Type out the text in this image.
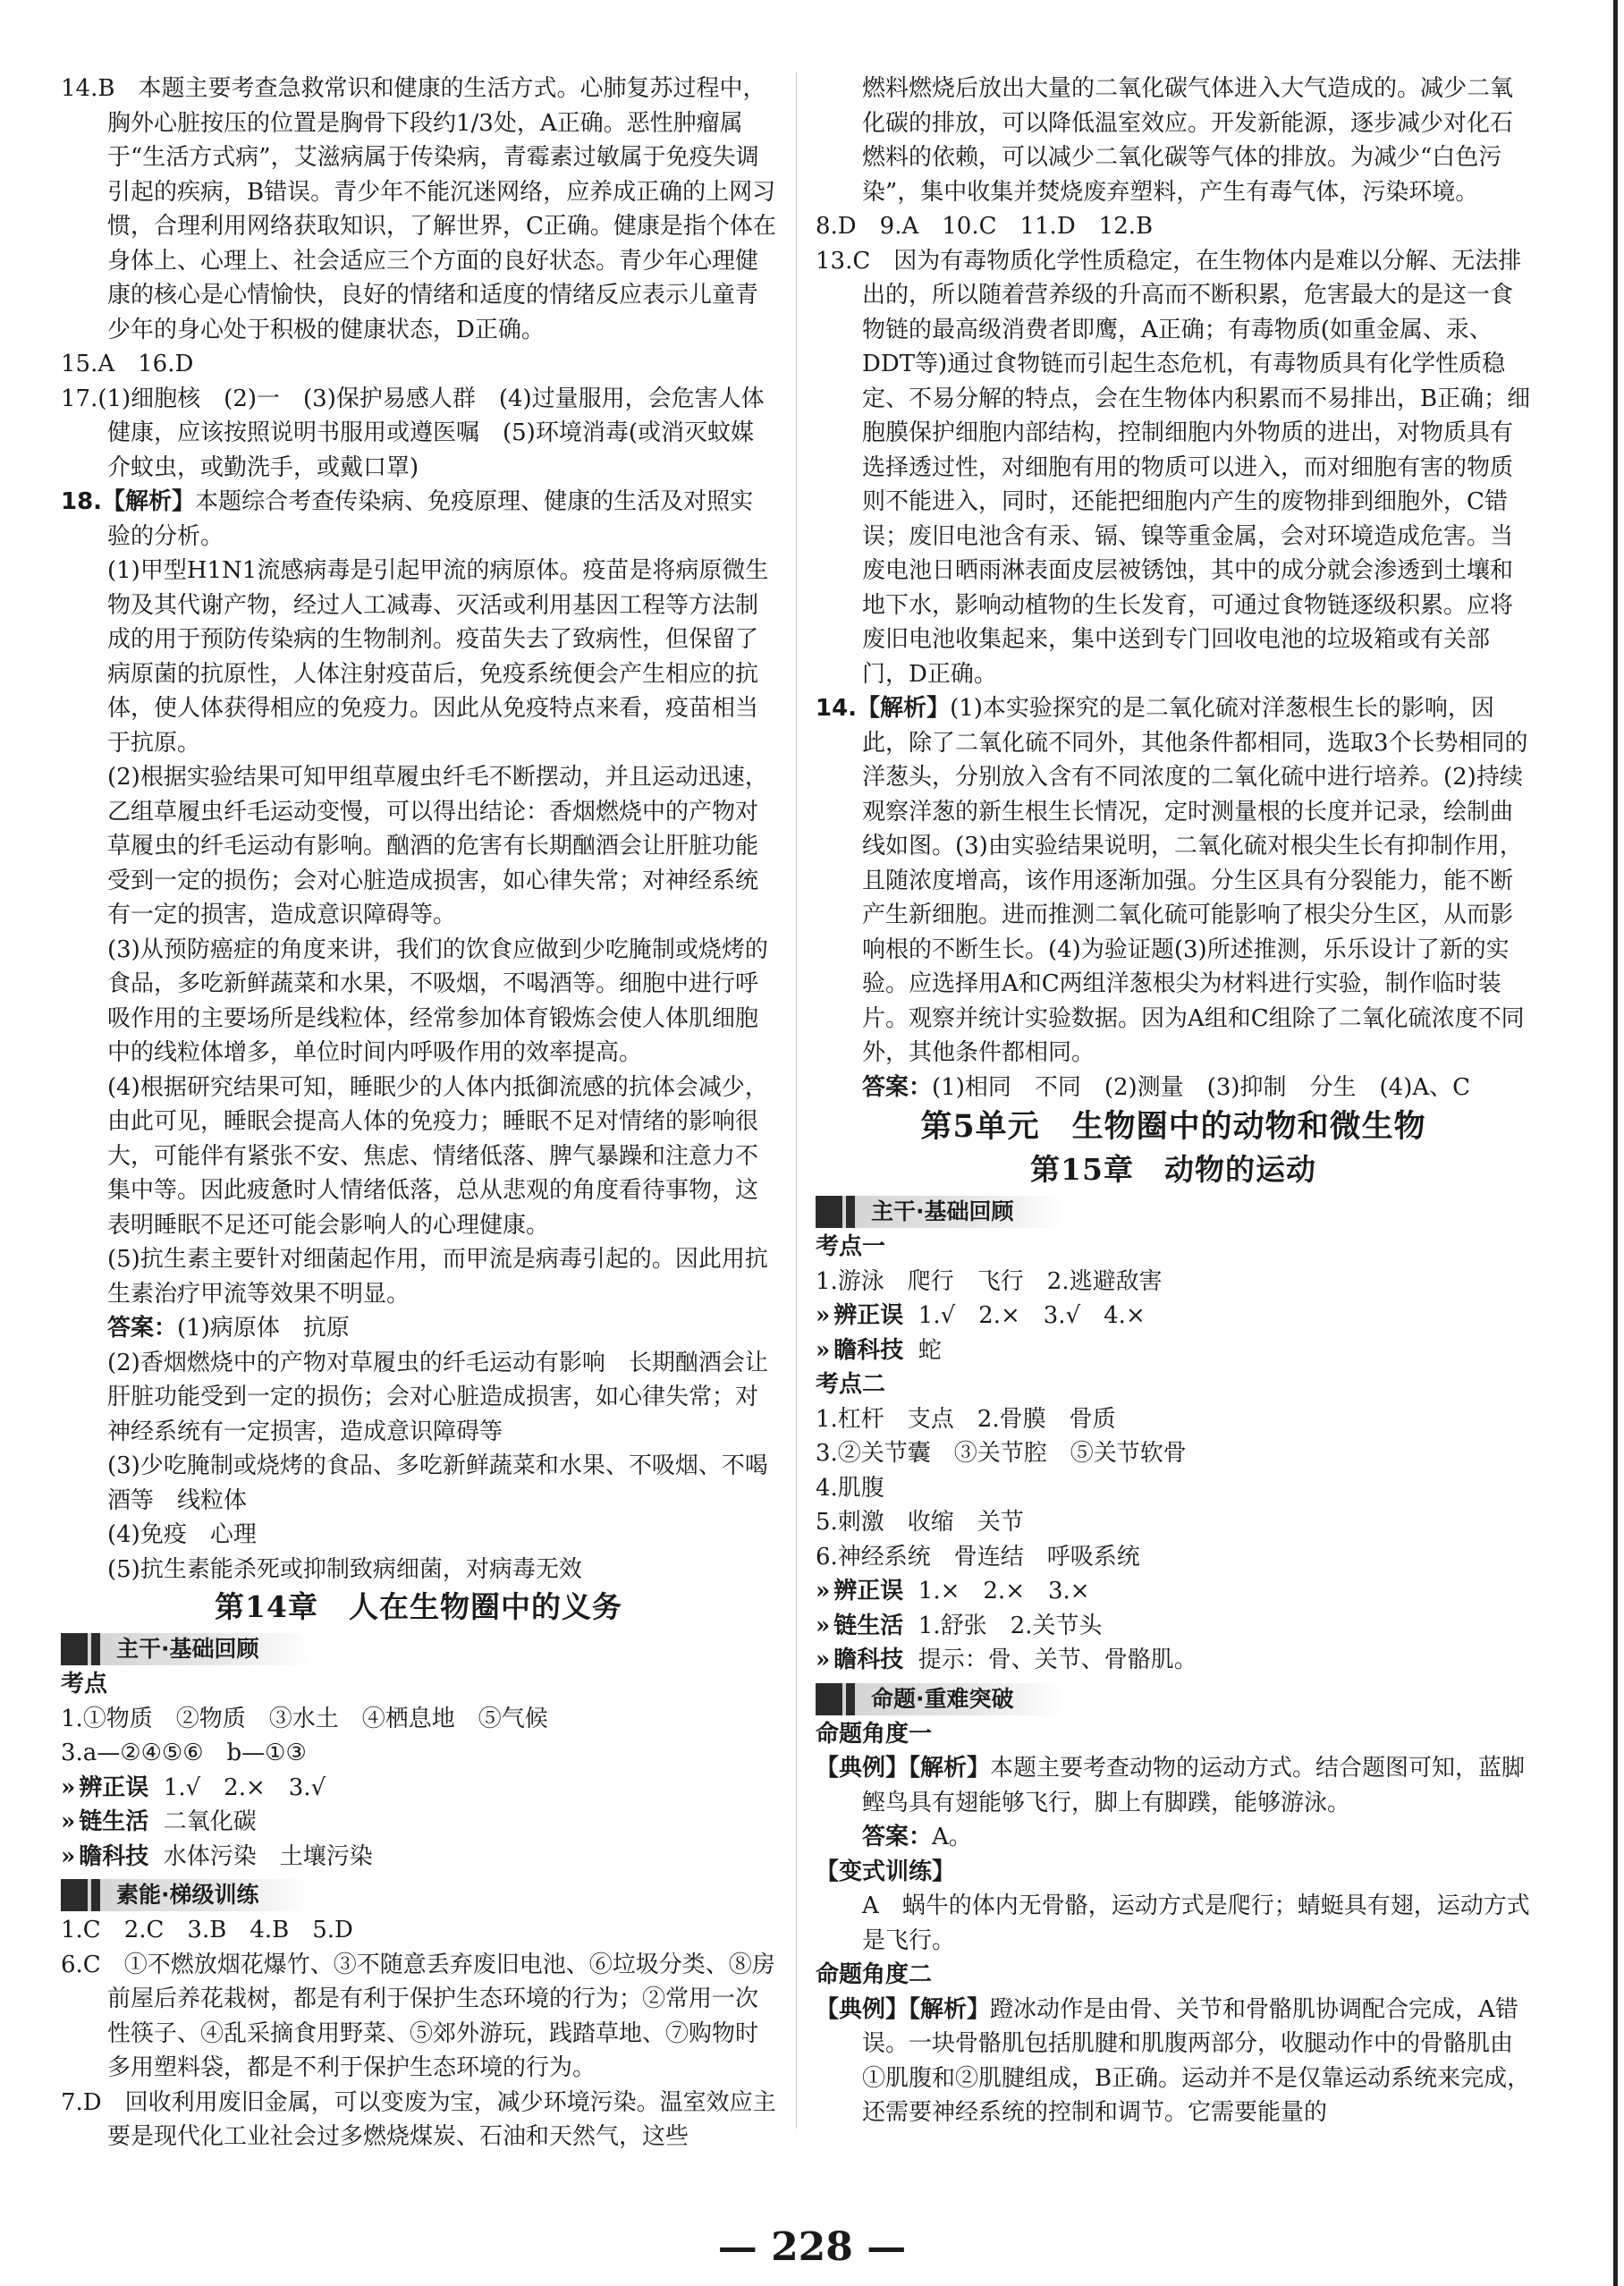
14.B　本题主要考查急救常识和健康的生活方式。心肺复苏过程中，胸外心脏按压的位置是胸骨下段约1/3处，A正确。恶性肿瘤属于“生活方式病”，艾滋病属于传染病，青霉素过敏属于免疫失调引起的疾病，B错误。青少年不能沉迷网络，应养成正确的上网习惯，合理利用网络获取知识，了解世界，C正确。健康是指个体在身体上、心理上、社会适应三个方面的良好状态。青少年心理健康的核心是心情愉快，良好的情绪和适度的情绪反应表示儿童青少年的身心处于积极的健康状态，D正确。

15.A　16.D

17.(1)细胞核　(2)一　(3)保护易感人群　(4)过量服用，会危害人体健康，应该按照说明书服用或遵医嘱　(5)环境消毒(或消灭蚊媒介蚊虫，或勤洗手，或戴口罩)

18.【解析】本题综合考查传染病、免疫原理、健康的生活及对照实验的分析。

(1)甲型H1N1流感病毒是引起甲流的病原体。疫苗是将病原微生物及其代谢产物，经过人工减毒、灭活或利用基因工程等方法制成的用于预防传染病的生物制剂。疫苗失去了致病性，但保留了病原菌的抗原性，人体注射疫苗后，免疫系统便会产生相应的抗体，使人体获得相应的免疫力。因此从免疫特点来看，疫苗相当于抗原。

(2)根据实验结果可知甲组草履虫纤毛不断摆动，并且运动迅速，乙组草履虫纤毛运动变慢，可以得出结论：香烟燃烧中的产物对草履虫的纤毛运动有影响。酗酒的危害有长期酗酒会让肝脏功能受到一定的损伤；会对心脏造成损害，如心律失常；对神经系统有一定的损害，造成意识障碍等。

(3)从预防癌症的角度来讲，我们的饮食应做到少吃腌制或烧烤的食品，多吃新鲜蔬菜和水果，不吸烟，不喝酒等。细胞中进行呼吸作用的主要场所是线粒体，经常参加体育锻炼会使人体肌细胞中的线粒体增多，单位时间内呼吸作用的效率提高。

(4)根据研究结果可知，睡眠少的人体内抵御流感的抗体会减少，由此可见，睡眠会提高人体的免疫力；睡眠不足对情绪的影响很大，可能伴有紧张不安、焦虑、情绪低落、脾气暴躁和注意力不集中等。因此疲惫时人情绪低落，总从悲观的角度看待事物，这表明睡眠不足还可能会影响人的心理健康。

(5)抗生素主要针对细菌起作用，而甲流是病毒引起的。因此用抗生素治疗甲流等效果不明显。

答案：(1)病原体　抗原

(2)香烟燃烧中的产物对草履虫的纤毛运动有影响　长期酗酒会让肝脏功能受到一定的损伤；会对心脏造成损害，如心律失常；对神经系统有一定损害，造成意识障碍等

(3)少吃腌制或烧烤的食品、多吃新鲜蔬菜和水果、不吸烟、不喝酒等　线粒体

(4)免疫　心理

(5)抗生素能杀死或抑制致病细菌，对病毒无效

第14章　人在生物圈中的义务

主干·基础回顾

考点

1.①物质　②物质　③水土　④栖息地　⑤气候

3.a—②④⑤⑥　b—①③

» 辨正误 1.√　2.×　3.√

» 链生活 二氧化碳

» 瞻科技 水体污染　土壤污染

素能·梯级训练

1.C　2.C　3.B　4.B　5.D

6.C　①不燃放烟花爆竹、③不随意丢弃废旧电池、⑥垃圾分类、⑧房前屋后养花栽树，都是有利于保护生态环境的行为；②常用一次性筷子、④乱采摘食用野菜、⑤郊外游玩，践踏草地、⑦购物时多用塑料袋，都是不利于保护生态环境的行为。

7.D　回收利用废旧金属，可以变废为宝，减少环境污染。温室效应主要是现代化工业社会过多燃烧煤炭、石油和天然气，这些

燃料燃烧后放出大量的二氧化碳气体进入大气造成的。减少二氧化碳的排放，可以降低温室效应。开发新能源，逐步减少对化石燃料的依赖，可以减少二氧化碳等气体的排放。为减少“白色污染”，集中收集并焚烧废弃塑料，产生有毒气体，污染环境。

8.D　9.A　10.C　11.D　12.B

13.C　因为有毒物质化学性质稳定，在生物体内是难以分解、无法排出的，所以随着营养级的升高而不断积累，危害最大的是这一食物链的最高级消费者即鹰，A正确；有毒物质(如重金属、汞、DDT等)通过食物链而引起生态危机，有毒物质具有化学性质稳定、不易分解的特点，会在生物体内积累而不易排出，B正确；细胞膜保护细胞内部结构，控制细胞内外物质的进出，对物质具有选择透过性，对细胞有用的物质可以进入，而对细胞有害的物质则不能进入，同时，还能把细胞内产生的废物排到细胞外，C错误；废旧电池含有汞、镉、镍等重金属，会对环境造成危害。当废电池日晒雨淋表面皮层被锈蚀，其中的成分就会渗透到土壤和地下水，影响动植物的生长发育，可通过食物链逐级积累。应将废旧电池收集起来，集中送到专门回收电池的垃圾箱或有关部门，D正确。

14.【解析】(1)本实验探究的是二氧化硫对洋葱根生长的影响，因此，除了二氧化硫不同外，其他条件都相同，选取3个长势相同的洋葱头，分别放入含有不同浓度的二氧化硫中进行培养。(2)持续观察洋葱的新生根生长情况，定时测量根的长度并记录，绘制曲线如图。(3)由实验结果说明，二氧化硫对根尖生长有抑制作用，且随浓度增高，该作用逐渐加强。分生区具有分裂能力，能不断产生新细胞。进而推测二氧化硫可能影响了根尖分生区，从而影响根的不断生长。(4)为验证题(3)所述推测，乐乐设计了新的实验。应选择用A和C两组洋葱根尖为材料进行实验，制作临时装片。观察并统计实验数据。因为A组和C组除了二氧化硫浓度不同外，其他条件都相同。

答案：(1)相同　不同　(2)测量　(3)抑制　分生　(4)A、C

第5单元　生物圈中的动物和微生物

第15章　动物的运动

主干·基础回顾

考点一

1.游泳　爬行　飞行　2.逃避敌害

» 辨正误 1.√　2.×　3.√　4.×

» 瞻科技 蛇

考点二

1.杠杆　支点　2.骨膜　骨质

3.②关节囊　③关节腔　⑤关节软骨

4.肌腹

5.刺激　收缩　关节

6.神经系统　骨连结　呼吸系统

» 辨正误 1.×　2.×　3.×

» 链生活 1.舒张　2.关节头

» 瞻科技 提示：骨、关节、骨骼肌。

命题·重难突破

命题角度一

【典例】【解析】本题主要考查动物的运动方式。结合题图可知，蓝脚鲣鸟具有翅能够飞行，脚上有脚蹼，能够游泳。

答案：A。

【变式训练】

A　蜗牛的体内无骨骼，运动方式是爬行；蜻蜓具有翅，运动方式是飞行。

命题角度二

【典例】【解析】蹬冰动作是由骨、关节和骨骼肌协调配合完成，A错误。一块骨骼肌包括肌腱和肌腹两部分，收腿动作中的骨骼肌由①肌腹和②肌腱组成，B正确。运动并不是仅靠运动系统来完成，还需要神经系统的控制和调节。它需要能量的

— 228 —
